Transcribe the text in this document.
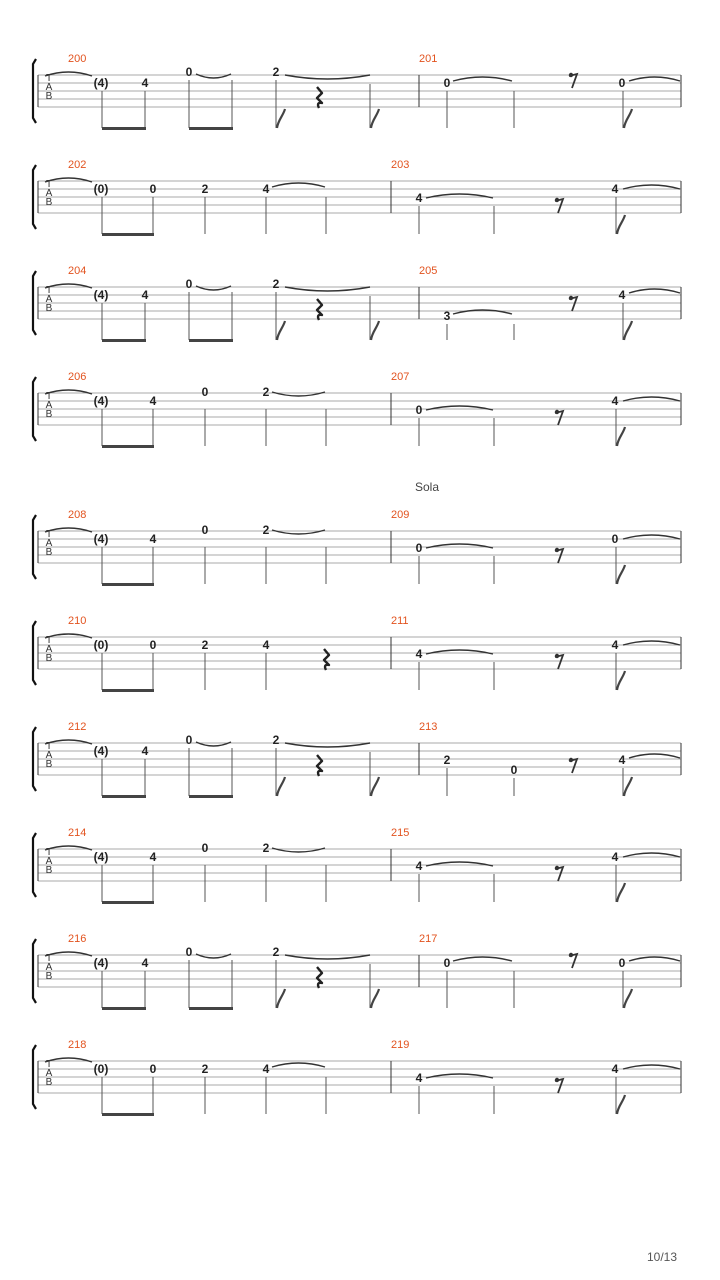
T
A
B
200	201
(4)	4
0	2
0	0
T
A
B
202	203
(0)	0	2	4
4
4
T
A
B
204	205
(4)	4
0	2
3
4
T
A
B
206	207
(4)	4
0	2
0
4
T
A
B
208	209
(4)	4
0	2
0
0
T
A
B
210	211
(0)	0	2	4
4
4
T
A
B
212	213
(4)	4
0	2
2
0
4
T
A
B
214	215
(4)	4
0	2
4
4
T
A
B
216	217
(4)	4
0	2
0	0
T
A
B
218	219
(0)	0	2	4
4
4
Sola
10/13
